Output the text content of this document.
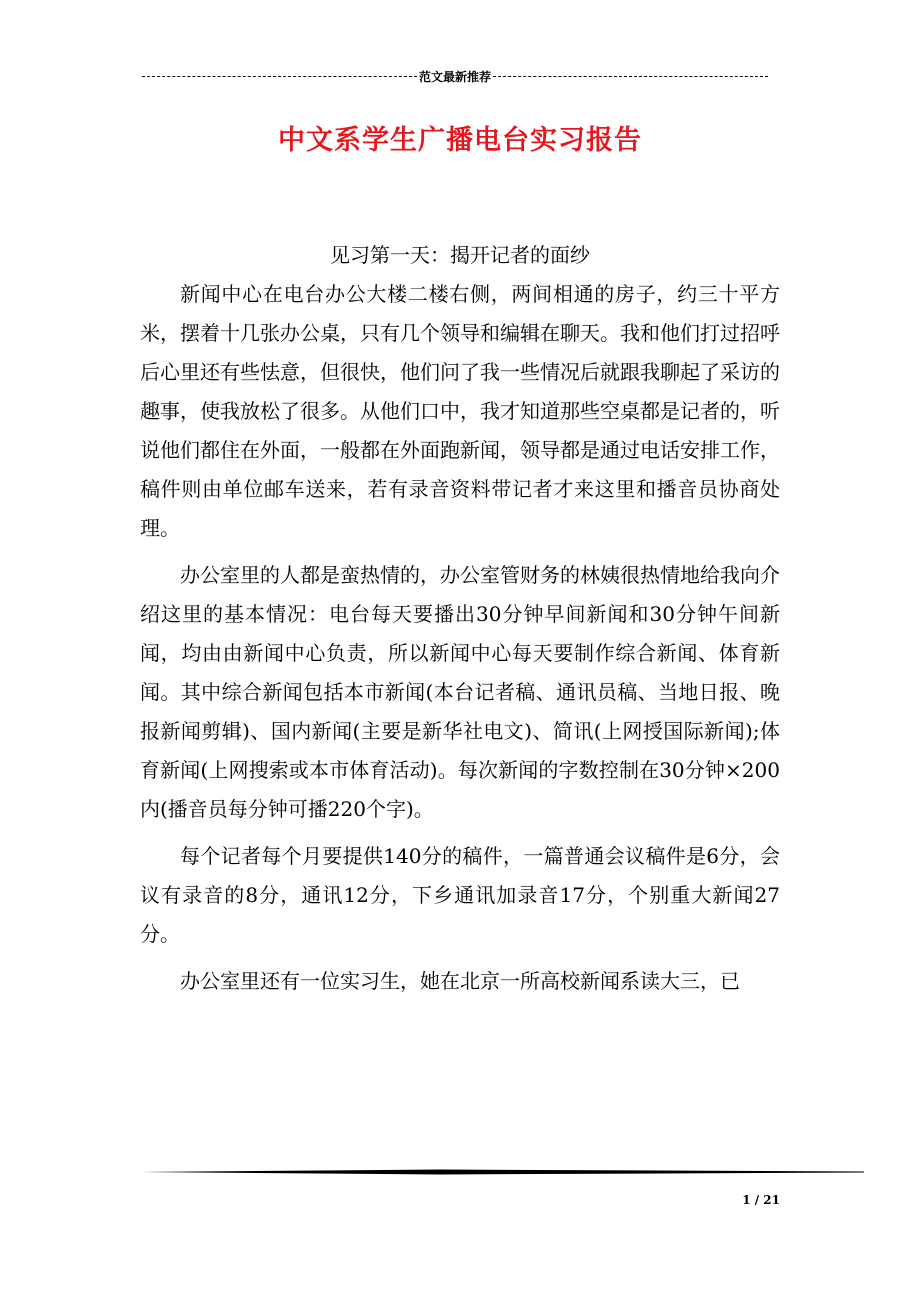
范文最新推荐
中文系学生广播电台实习报告

见习第一天：揭开记者的面纱

新闻中心在电台办公大楼二楼右侧，两间相通的房子，约三十平方米，摆着十几张办公桌，只有几个领导和编辑在聊天。我和他们打过招呼后心里还有些怯意，但很快，他们问了我一些情况后就跟我聊起了采访的趣事，使我放松了很多。从他们口中，我才知道那些空桌都是记者的，听说他们都住在外面，一般都在外面跑新闻，领导都是通过电话安排工作，稿件则由单位邮车送来，若有录音资料带记者才来这里和播音员协商处理。

办公室里的人都是蛮热情的，办公室管财务的林姨很热情地给我向介绍这里的基本情况：电台每天要播出30分钟早间新闻和30分钟午间新闻，均由由新闻中心负责，所以新闻中心每天要制作综合新闻、体育新闻。其中综合新闻包括本市新闻(本台记者稿、通讯员稿、当地日报、晚报新闻剪辑)、国内新闻(主要是新华社电文)、简讯(上网授国际新闻);体育新闻(上网搜索或本市体育活动)。每次新闻的字数控制在30分钟×200内(播音员每分钟可播220个字)。

每个记者每个月要提供140分的稿件，一篇普通会议稿件是6分，会议有录音的8分，通讯12分，下乡通讯加录音17分，个别重大新闻27分。

办公室里还有一位实习生，她在北京一所高校新闻系读大三，已

1 / 21
